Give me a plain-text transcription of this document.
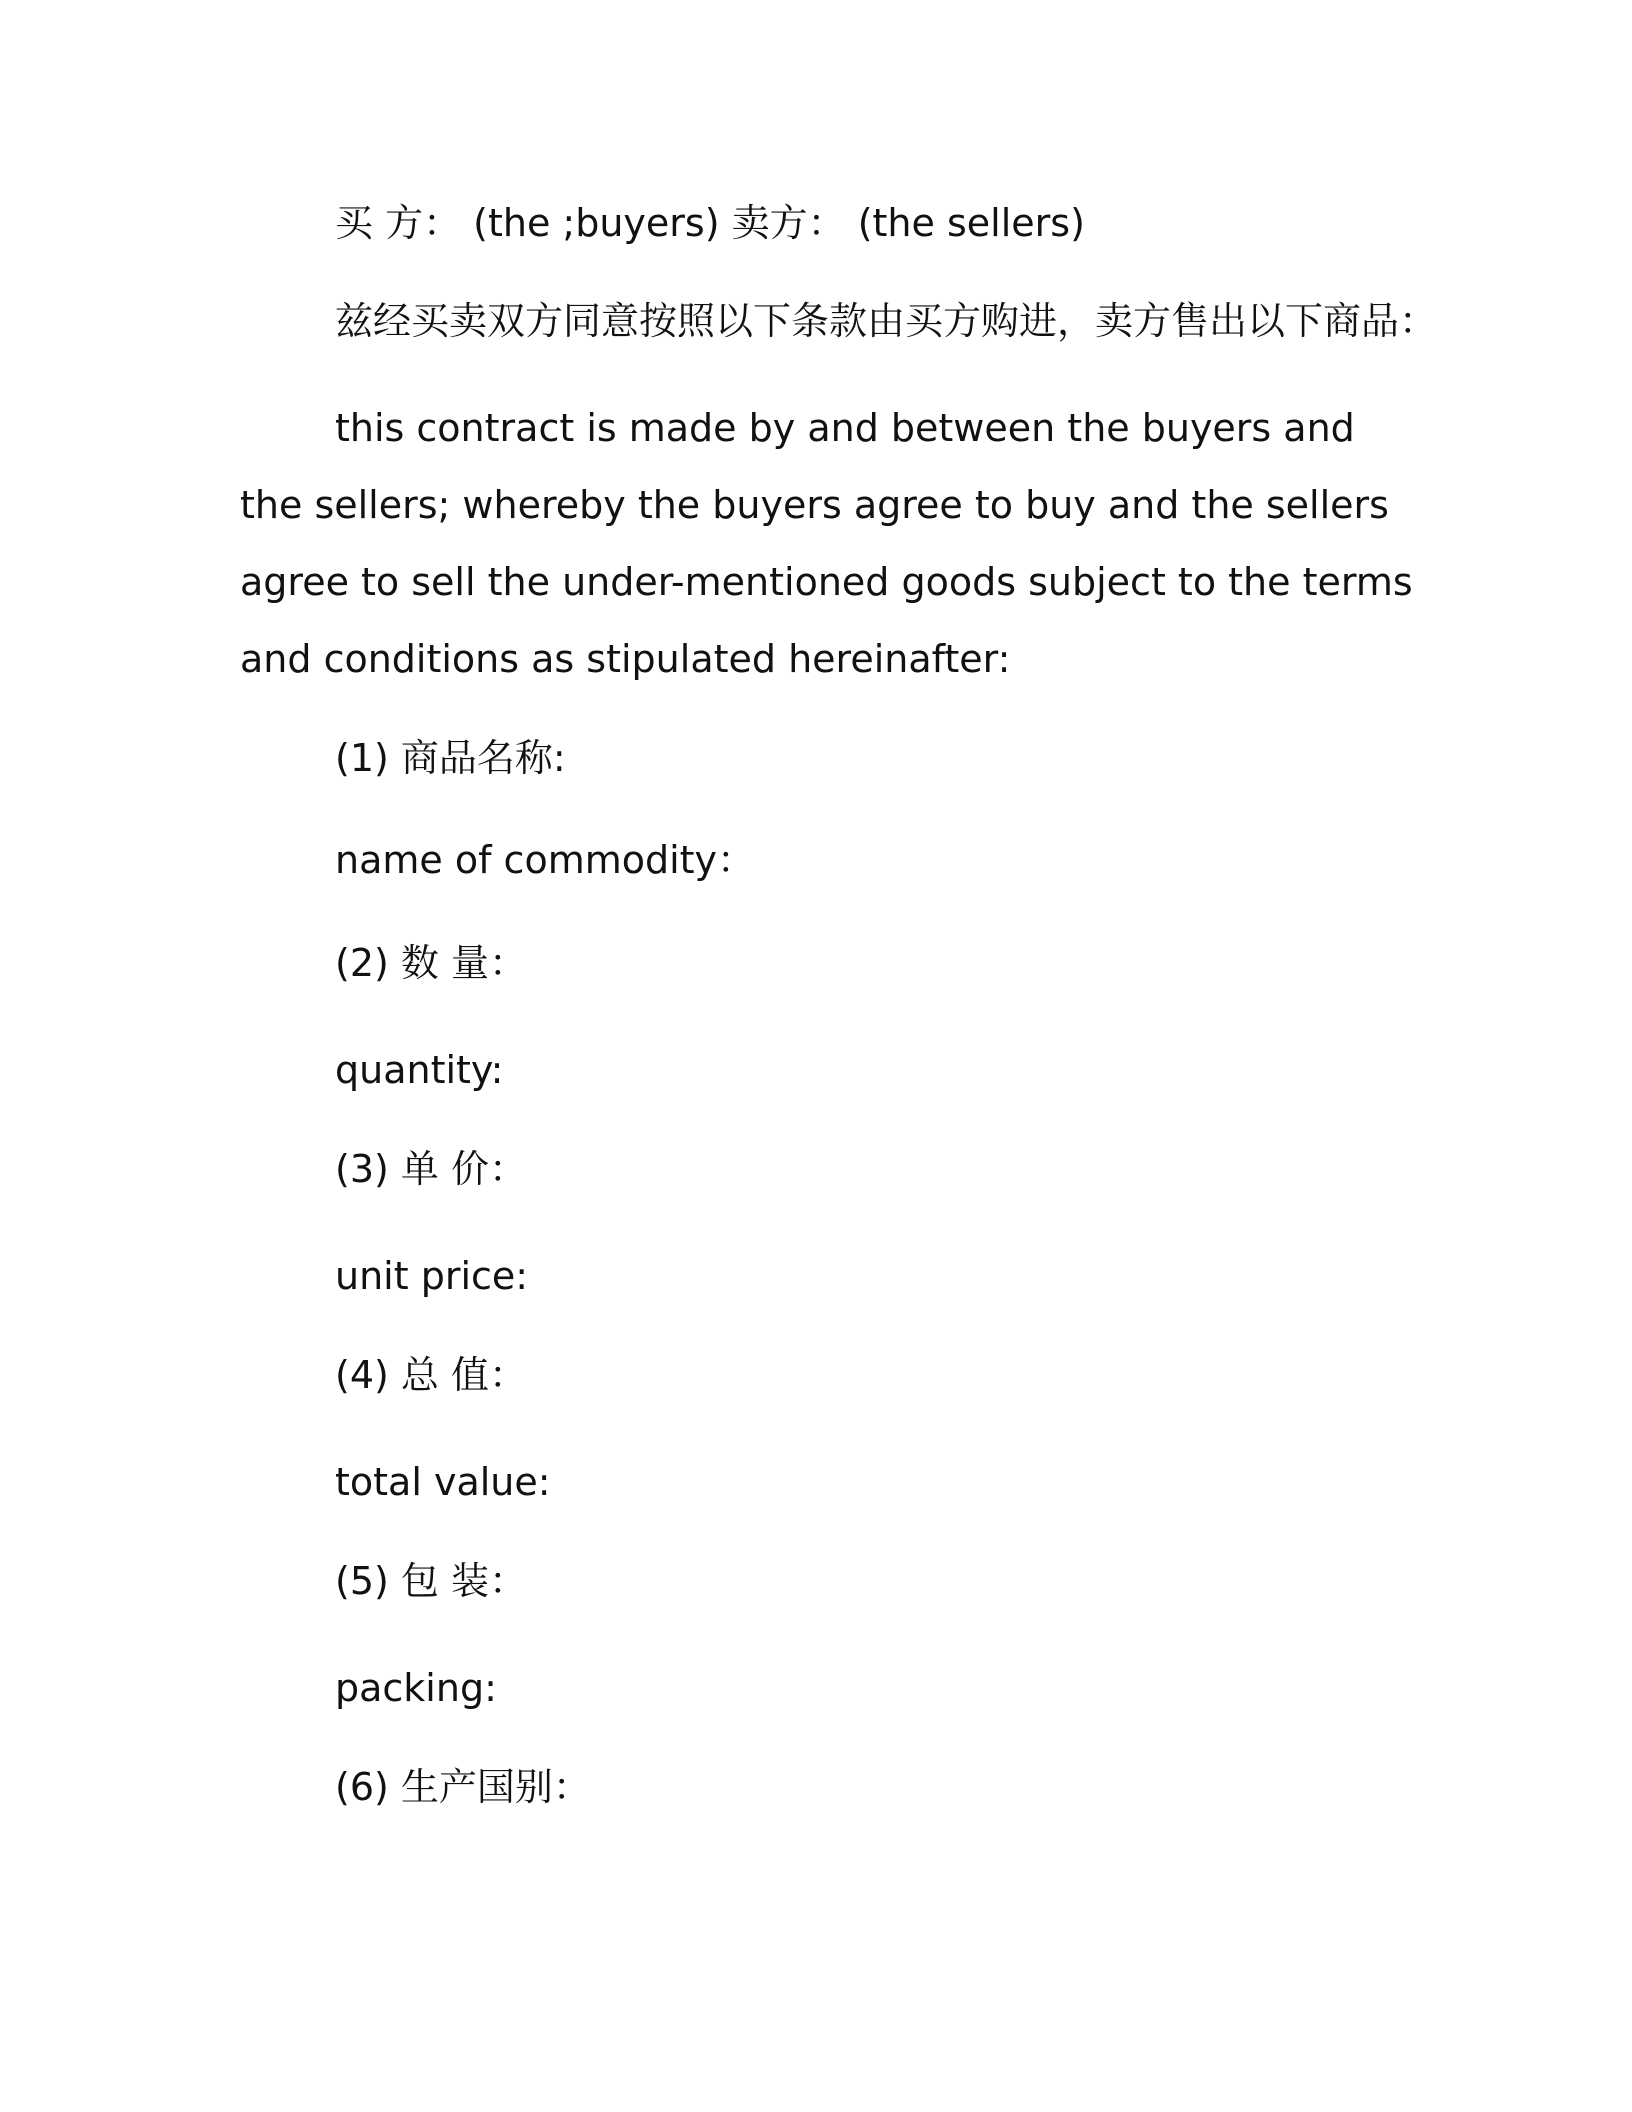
买 方： (the ;buyers) 卖方： (the sellers)
兹经买卖双方同意按照以下条款由买方购进，卖方售出以下商品：

this contract is made by and between the buyers and the sellers; whereby the buyers agree to buy and the sellers agree to sell the under-mentioned goods subject to the terms and conditions as stipulated hereinafter:

(1) 商品名称:
name of commodity：
(2) 数 量：
quantity:
(3) 单 价：
unit price:
(4) 总 值：
total value:
(5) 包 装：
packing:
(6) 生产国别：
